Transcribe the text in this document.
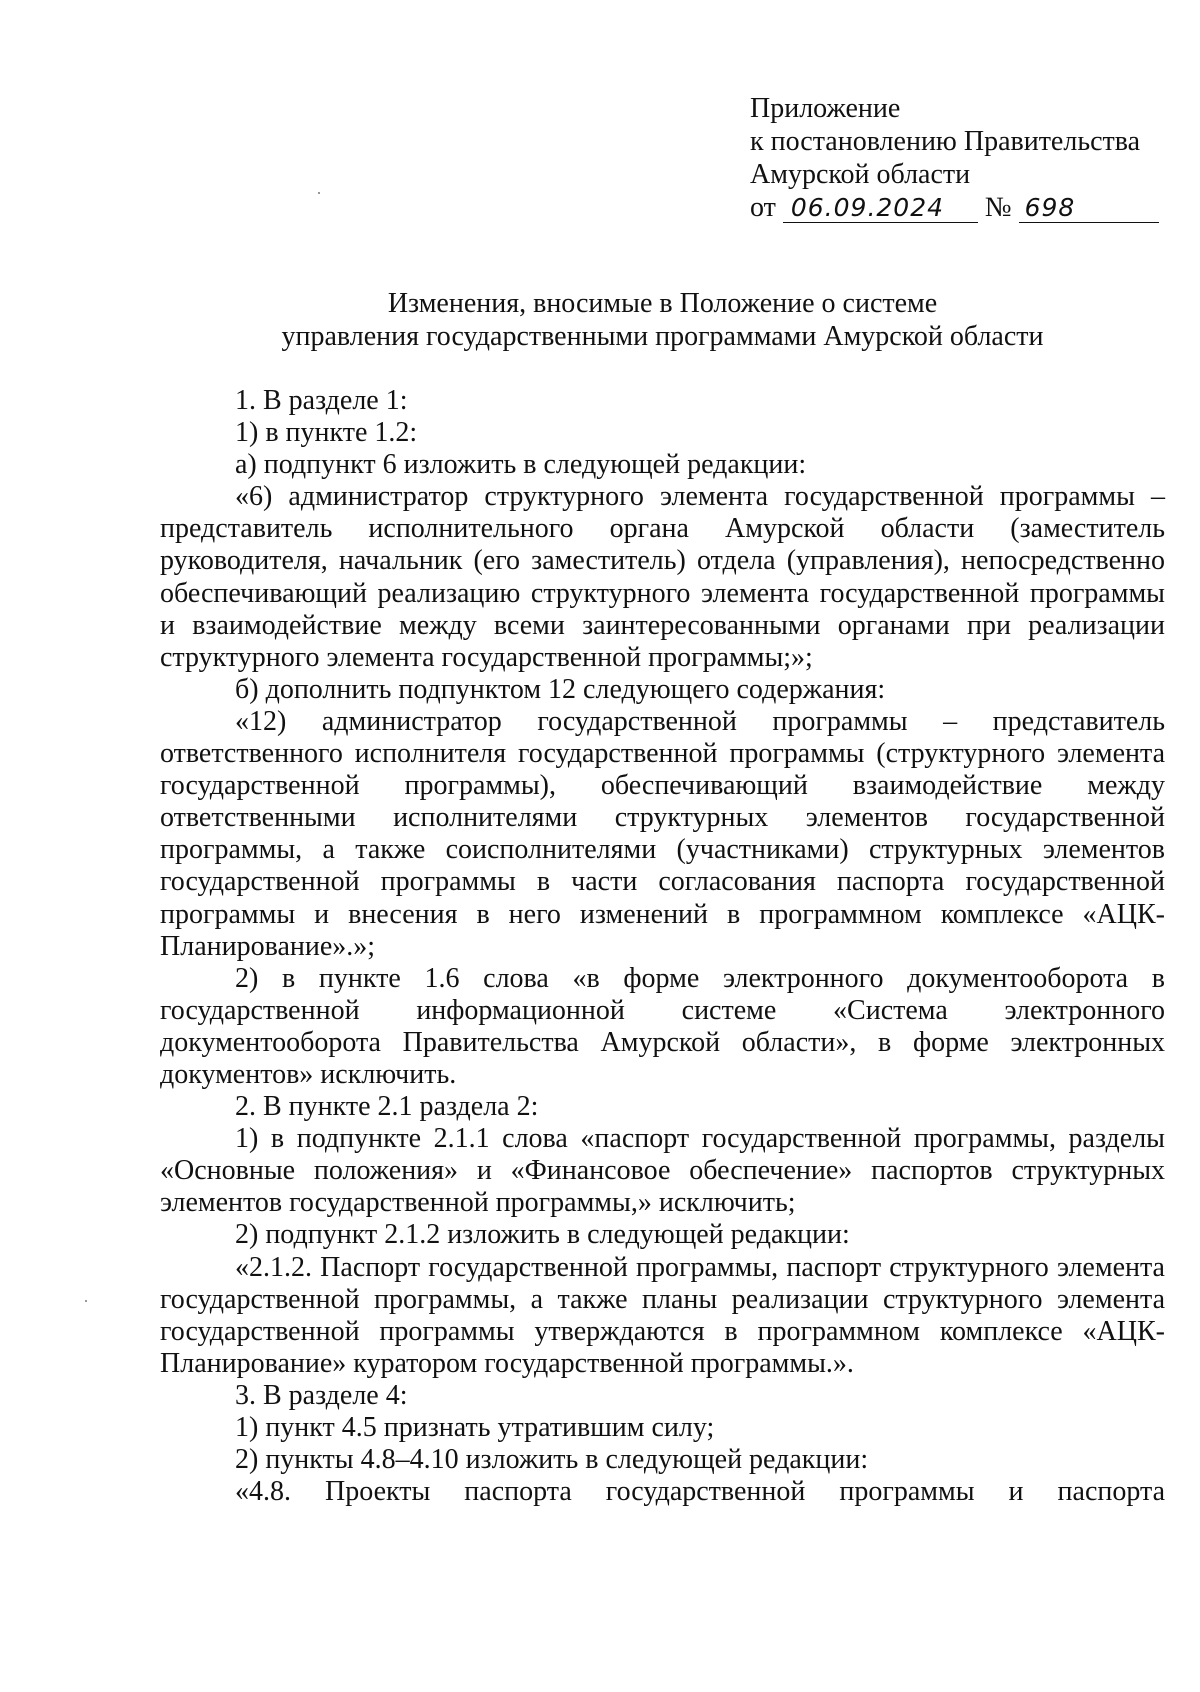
Приложение
к постановлению Правительства
Амурской области
от 06.09.2024 № 698
Изменения, вносимые в Положение о системе
управления государственными программами Амурской области

1. В разделе 1:

1) в пункте 1.2:

а) подпункт 6 изложить в следующей редакции:

«6) администратор структурного элемента государственной программы – представитель исполнительного органа Амурской области (заместитель руководителя, начальник (его заместитель) отдела (управления), непосредственно обеспечивающий реализацию структурного элемента государственной программы и взаимодействие между всеми заинтересованными органами при реализации структурного элемента государственной программы;»;

б) дополнить подпунктом 12 следующего содержания:

«12) администратор государственной программы – представитель ответственного исполнителя государственной программы (структурного элемента государственной программы), обеспечивающий взаимодействие между ответственными исполнителями структурных элементов государственной программы, а также соисполнителями (участниками) структурных элементов государственной программы в части согласования паспорта государственной программы и внесения в него изменений в программном комплексе «АЦК-Планирование».»;

2) в пункте 1.6 слова «в форме электронного документооборота в государственной информационной системе «Система электронного документооборота Правительства Амурской области», в форме электронных документов» исключить.

2. В пункте 2.1 раздела 2:

1) в подпункте 2.1.1 слова «паспорт государственной программы, разделы «Основные положения» и «Финансовое обеспечение» паспортов структурных элементов государственной программы,» исключить;

2) подпункт 2.1.2 изложить в следующей редакции:

«2.1.2. Паспорт государственной программы, паспорт структурного элемента государственной программы, а также планы реализации структурного элемента государственной программы утверждаются в программном комплексе «АЦК-Планирование» куратором государственной программы.».

3. В разделе 4:

1) пункт 4.5 признать утратившим силу;

2) пункты 4.8–4.10 изложить в следующей редакции:

«4.8. Проекты паспорта государственной программы и паспорта
